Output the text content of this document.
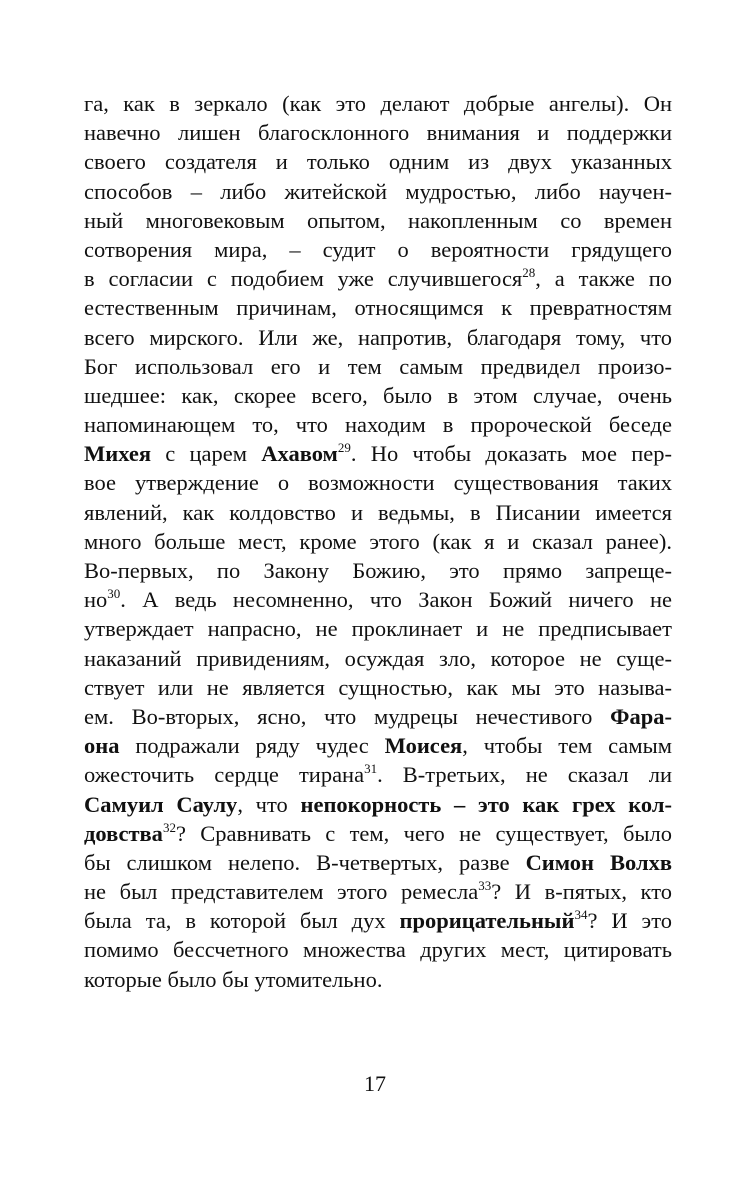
га, как в зеркало (как это делают добрые ангелы). Он
навечно лишен благосклонного внимания и поддержки
своего создателя и только одним из двух указанных
способов – либо житейской мудростью, либо научен-
ный многовековым опытом, накопленным со времен
сотворения мира, – судит о вероятности грядущего
в согласии с подобием уже случившегося$^{28}$, а также по
естественным причинам, относящимся к превратностям
всего мирского. Или же, напротив, благодаря тому, что
Бог использовал его и тем самым предвидел произо-
шедшее: как, скорее всего, было в этом случае, очень
напоминающем то, что находим в пророческой беседе
Михея с царем Ахавом$^{29}$. Но чтобы доказать мое пер-
вое утверждение о возможности существования таких
явлений, как колдовство и ведьмы, в Писании имеется
много больше мест, кроме этого (как я и сказал ранее).
Во-первых, по Закону Божию, это прямо запреще-
$но^{30}$. А ведь несомненно, что Закон Божий ничего не
утверждает напрасно, не проклинает и не предписывает
наказаний привидениям, осуждая зло, которое не суще-
ствует или не является сущностью, как мы это называ-
ем. Во-вторых, ясно, что мудрецы нечестивого Фара-
она подражали ряду чудес Моисея, чтобы тем самым
ожесточить сердце тирана$^{31}$. В-третьих, не сказал ли
Самуил Саулу, что непокорность – это как грех кол-
довства$^{32}$? Сравнивать с тем, чего не существует, было
бы слишком нелепо. В-четвертых, разве Симон Волхв
не был представителем этого ремесла$^{33}$? И в-пятых, кто
была та, в которой был дух прорицательный$^{34}$? И это
помимо бессчетного множества других мест, цитировать
которые было бы утомительно.
17
